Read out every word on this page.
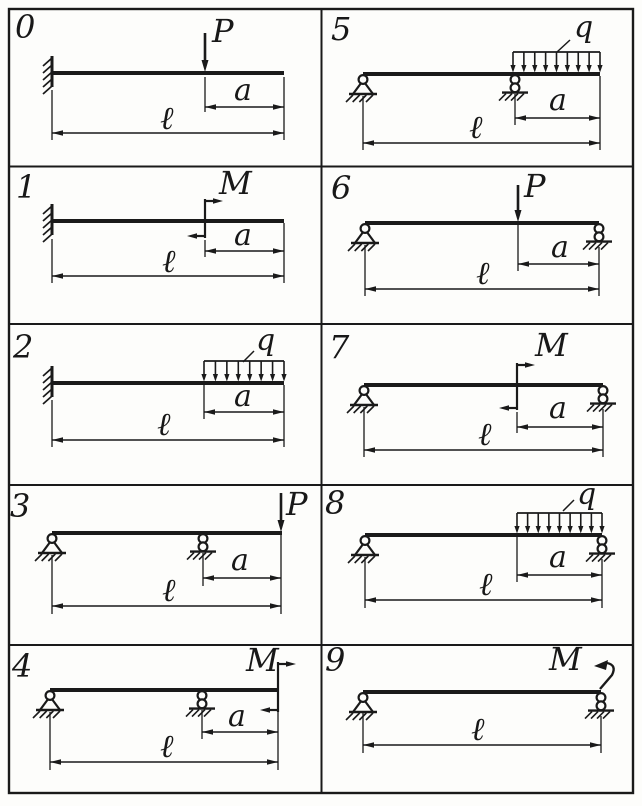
0	P
a
ℓ
1	M
a
ℓ
2	q
a
ℓ
3	P
a
ℓ
4	M
a
ℓ
5	q
a
ℓ
6	P
a
ℓ
7	M
a
ℓ
8	q
a
ℓ
9	M
ℓ
